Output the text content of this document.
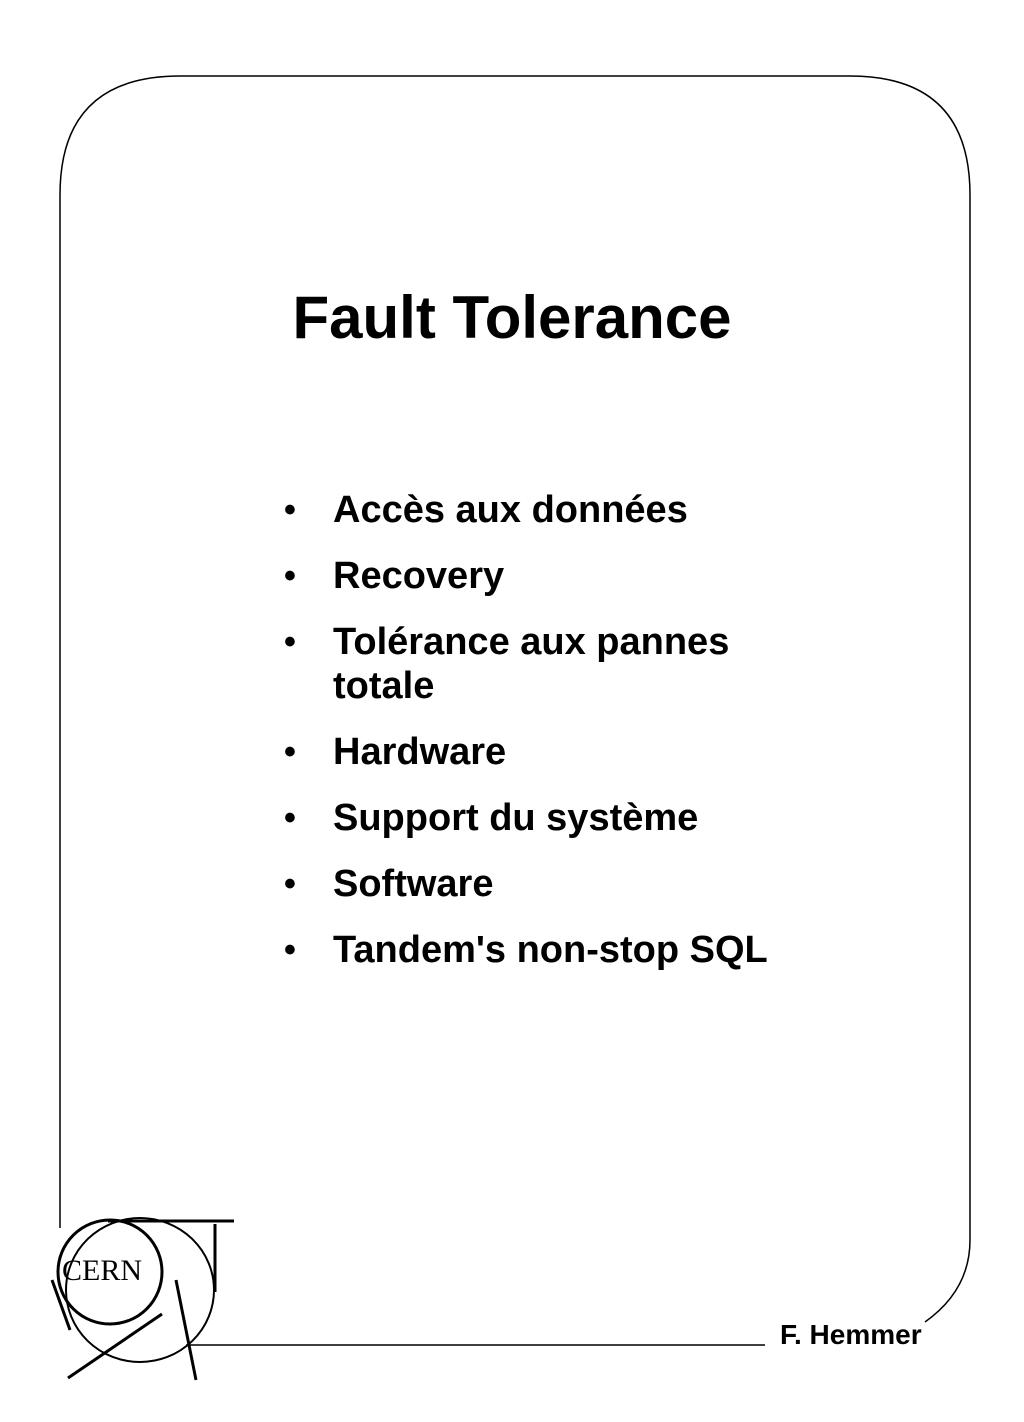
CERN
Fault Tolerance
• Accès aux données
• Recovery
• Tolérance aux pannes totale
• Hardware
• Support du système
• Software
• Tandem's non-stop SQL
F. Hemmer
